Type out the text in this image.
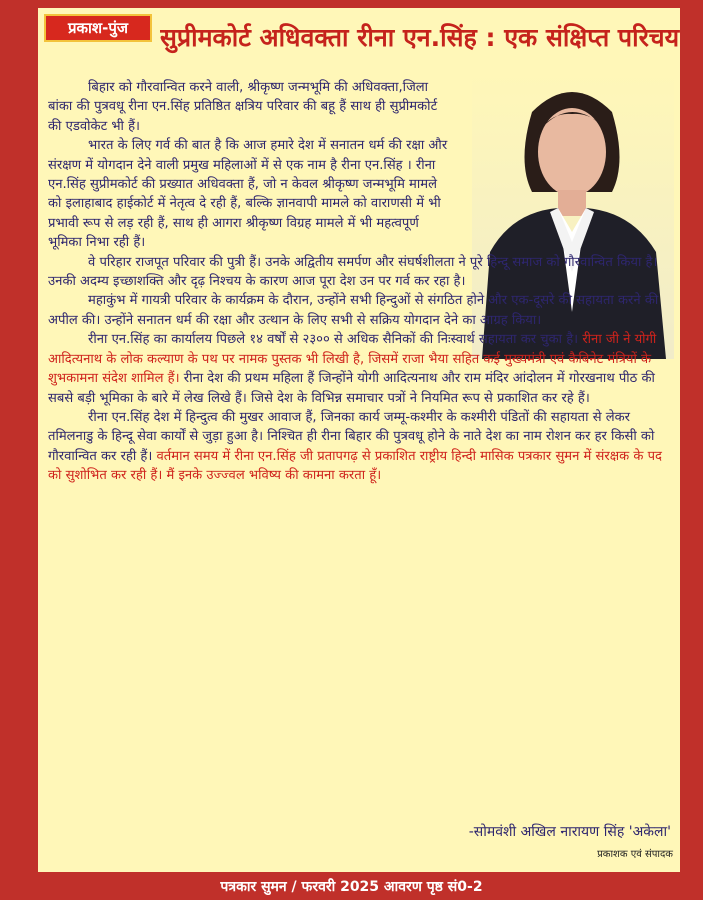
प्रकाश-पुंज	सुप्रीमकोर्ट अधिवक्ता रीना एन.सिंह : एक संक्षिप्त परिचय

बिहार को गौरवान्वित करने वाली, श्रीकृष्ण जन्मभूमि की अधिवक्ता,जिला बांका की पुत्रवधू रीना एन.सिंह प्रतिष्ठित क्षत्रिय परिवार की बहू हैं साथ ही सुप्रीमकोर्ट की एडवोकेट भी हैं।

भारत के लिए गर्व की बात है कि आज हमारे देश में सनातन धर्म की रक्षा और संरक्षण में योगदान देने वाली प्रमुख महिलाओं में से एक नाम है रीना एन.सिंह । रीना एन.सिंह सुप्रीमकोर्ट की प्रख्यात अधिवक्ता हैं, जो न केवल श्रीकृष्ण जन्मभूमि मामले को इलाहाबाद हाईकोर्ट में नेतृत्व दे रही हैं, बल्कि ज्ञानवापी मामले को वाराणसी में भी प्रभावी रूप से लड़ रही हैं, साथ ही आगरा श्रीकृष्ण विग्रह मामले में भी महत्वपूर्ण भूमिका निभा रही हैं।

वे परिहार राजपूत परिवार की पुत्री हैं। उनके अद्वितीय समर्पण और संघर्षशीलता ने पूरे हिन्दू समाज को गौरवान्वित किया है। उनकी अदम्य इच्छाशक्ति और दृढ़ निश्चय के कारण आज पूरा देश उन पर गर्व कर रहा है।

महाकुंभ में गायत्री परिवार के कार्यक्रम के दौरान, उन्होंने सभी हिन्दुओं से संगठित होने और एक-दूसरे की सहायता करने की अपील की। उन्होंने सनातन धर्म की रक्षा और उत्थान के लिए सभी से सक्रिय योगदान देने का आग्रह किया।

रीना एन.सिंह का कार्यालय पिछले १४ वर्षों से २३०० से अधिक सैनिकों की निःस्वार्थ सहायता कर चुका है। रीना जी ने योगी आदित्यनाथ के लोक कल्याण के पथ पर नामक पुस्तक भी लिखी है, जिसमें राजा भैया सहित कई मुख्यमंत्री एवं कैबिनेट मंत्रियों के शुभकामना संदेश शामिल हैं। रीना देश की प्रथम महिला हैं जिन्होंने योगी आदित्यनाथ और राम मंदिर आंदोलन में गोरखनाथ पीठ की सबसे बड़ी भूमिका के बारे में लेख लिखे हैं। जिसे देश के विभिन्न समाचार पत्रों ने नियमित रूप से प्रकाशित कर रहे हैं।

रीना एन.सिंह देश में हिन्दुत्व की मुखर आवाज हैं, जिनका कार्य जम्मू-कश्मीर के कश्मीरी पंडितों की सहायता से लेकर तमिलनाडु के हिन्दू सेवा कार्यों से जुड़ा हुआ है। निश्चित ही रीना बिहार की पुत्रवधू होने के नाते देश का नाम रोशन कर हर किसी को गौरवान्वित कर रही हैं। वर्तमान समय में रीना एन.सिंह जी प्रतापगढ़ से प्रकाशित राष्ट्रीय हिन्दी मासिक पत्रकार सुमन में संरक्षक के पद को सुशोभित कर रही हैं। मैं इनके उज्ज्वल भविष्य की कामना करता हूँ।

-सोमवंशी अखिल नारायण सिंह 'अकेला'
प्रकाशक एवं संपादक
पत्रकार सुमन / फरवरी 2025 आवरण पृष्ठ सं0-2
